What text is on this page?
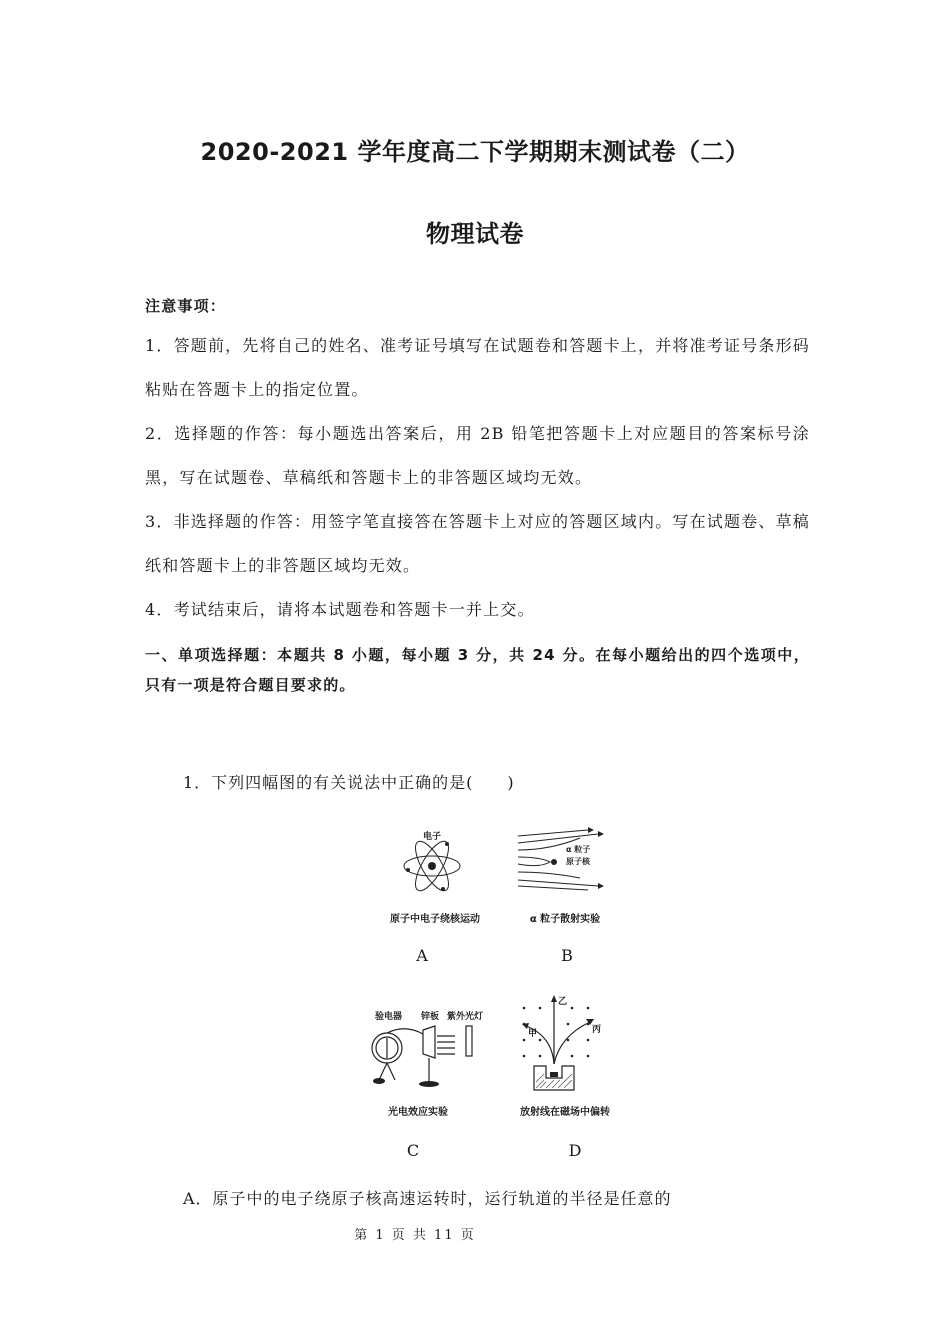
2020-2021 学年度高二下学期期末测试卷（二）
物理试卷
注意事项：
1．答题前，先将自己的姓名、准考证号填写在试题卷和答题卡上，并将准考证号条形码粘贴在答题卡上的指定位置。
2．选择题的作答：每小题选出答案后，用 2B 铅笔把答题卡上对应题目的答案标号涂黑，写在试题卷、草稿纸和答题卡上的非答题区域均无效。
3．非选择题的作答：用签字笔直接答在答题卡上对应的答题区域内。写在试题卷、草稿纸和答题卡上的非答题区域均无效。
4．考试结束后，请将本试题卷和答题卡一并上交。
一、单项选择题：本题共 8 小题，每小题 3 分，共 24 分。在每小题给出的四个选项中，只有一项是符合题目要求的。
1．下列四幅图的有关说法中正确的是(　　)
电子
原子中电子绕核运动
A
α 粒子
原子核
α 粒子散射实验
B
验电器 锌板 紫外光灯
光电效应实验
C
乙
甲	丙
放射线在磁场中偏转
D
A．原子中的电子绕原子核高速运转时，运行轨道的半径是任意的
第 1 页 共 11 页
